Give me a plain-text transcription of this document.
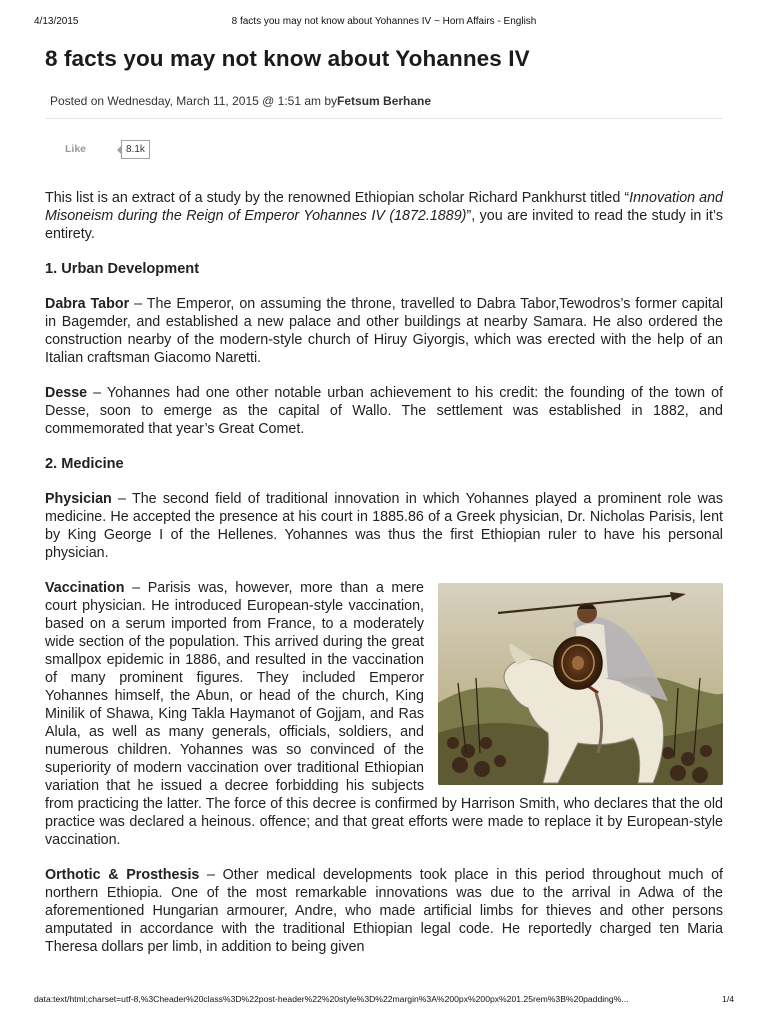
4/13/2015	8 facts you may not know about Yohannes IV ~ Horn Affairs - English
8 facts you may not know about Yohannes IV
Posted on Wednesday, March 11, 2015 @ 1:51 am byFetsum Berhane
Like	8.1k

This list is an extract of a study by the renowned Ethiopian scholar Richard Pankhurst titled “Innovation and Misoneism during the Reign of Emperor Yohannes IV (1872.1889)”, you are invited to read the study in it’s entirety.

1. Urban Development

Dabra Tabor – The Emperor, on assuming the throne, travelled to Dabra Tabor,Tewodros’s former capital in Bagemder, and established a new palace and other buildings at nearby Samara. He also ordered the construction nearby of the modern-style church of Hiruy Giyorgis, which was erected with the help of an Italian craftsman Giacomo Naretti.

Desse – Yohannes had one other notable urban achievement to his credit: the founding of the town of Desse, soon to emerge as the capital of Wallo. The settlement was established in 1882, and commemorated that year’s Great Comet.

2. Medicine

Physician – The second field of traditional innovation in which Yohannes played a prominent role was medicine. He accepted the presence at his court in 1885.86 of a Greek physician, Dr. Nicholas Parisis, lent by King George I of the Hellenes. Yohannes was thus the first Ethiopian ruler to have his personal physician.

Vaccination – Parisis was, however, more than a mere court physician. He introduced European-style vaccination, based on a serum imported from France, to a moderately wide section of the population. This arrived during the great smallpox epidemic in 1886, and resulted in the vaccination of many prominent figures. They included Emperor Yohannes himself, the Abun, or head of the church, King Minilik of Shawa, King Takla Haymanot of Gojjam, and Ras Alula, as well as many generals, officials, soldiers, and numerous children. Yohannes was so convinced of the superiority of modern vaccination over traditional Ethiopian variation that he issued a decree forbidding his subjects from practicing the latter. The force of this decree is confirmed by Harrison Smith, who declares that the old practice was declared a heinous. offence; and that great efforts were made to replace it by European-style vaccination.

Orthotic & Prosthesis – Other medical developments took place in this period throughout much of northern Ethiopia. One of the most remarkable innovations was due to the arrival in Adwa of the aforementioned Hungarian armourer, Andre, who made artificial limbs for thieves and other persons amputated in accordance with the traditional Ethiopian legal code. He reportedly charged ten Maria Theresa dollars per limb, in addition to being given

data:text/html;charset=utf-8,%3Cheader%20class%3D%22post-header%22%20style%3D%22margin%3A%200px%200px%201.25rem%3B%20padding%...	1/4
